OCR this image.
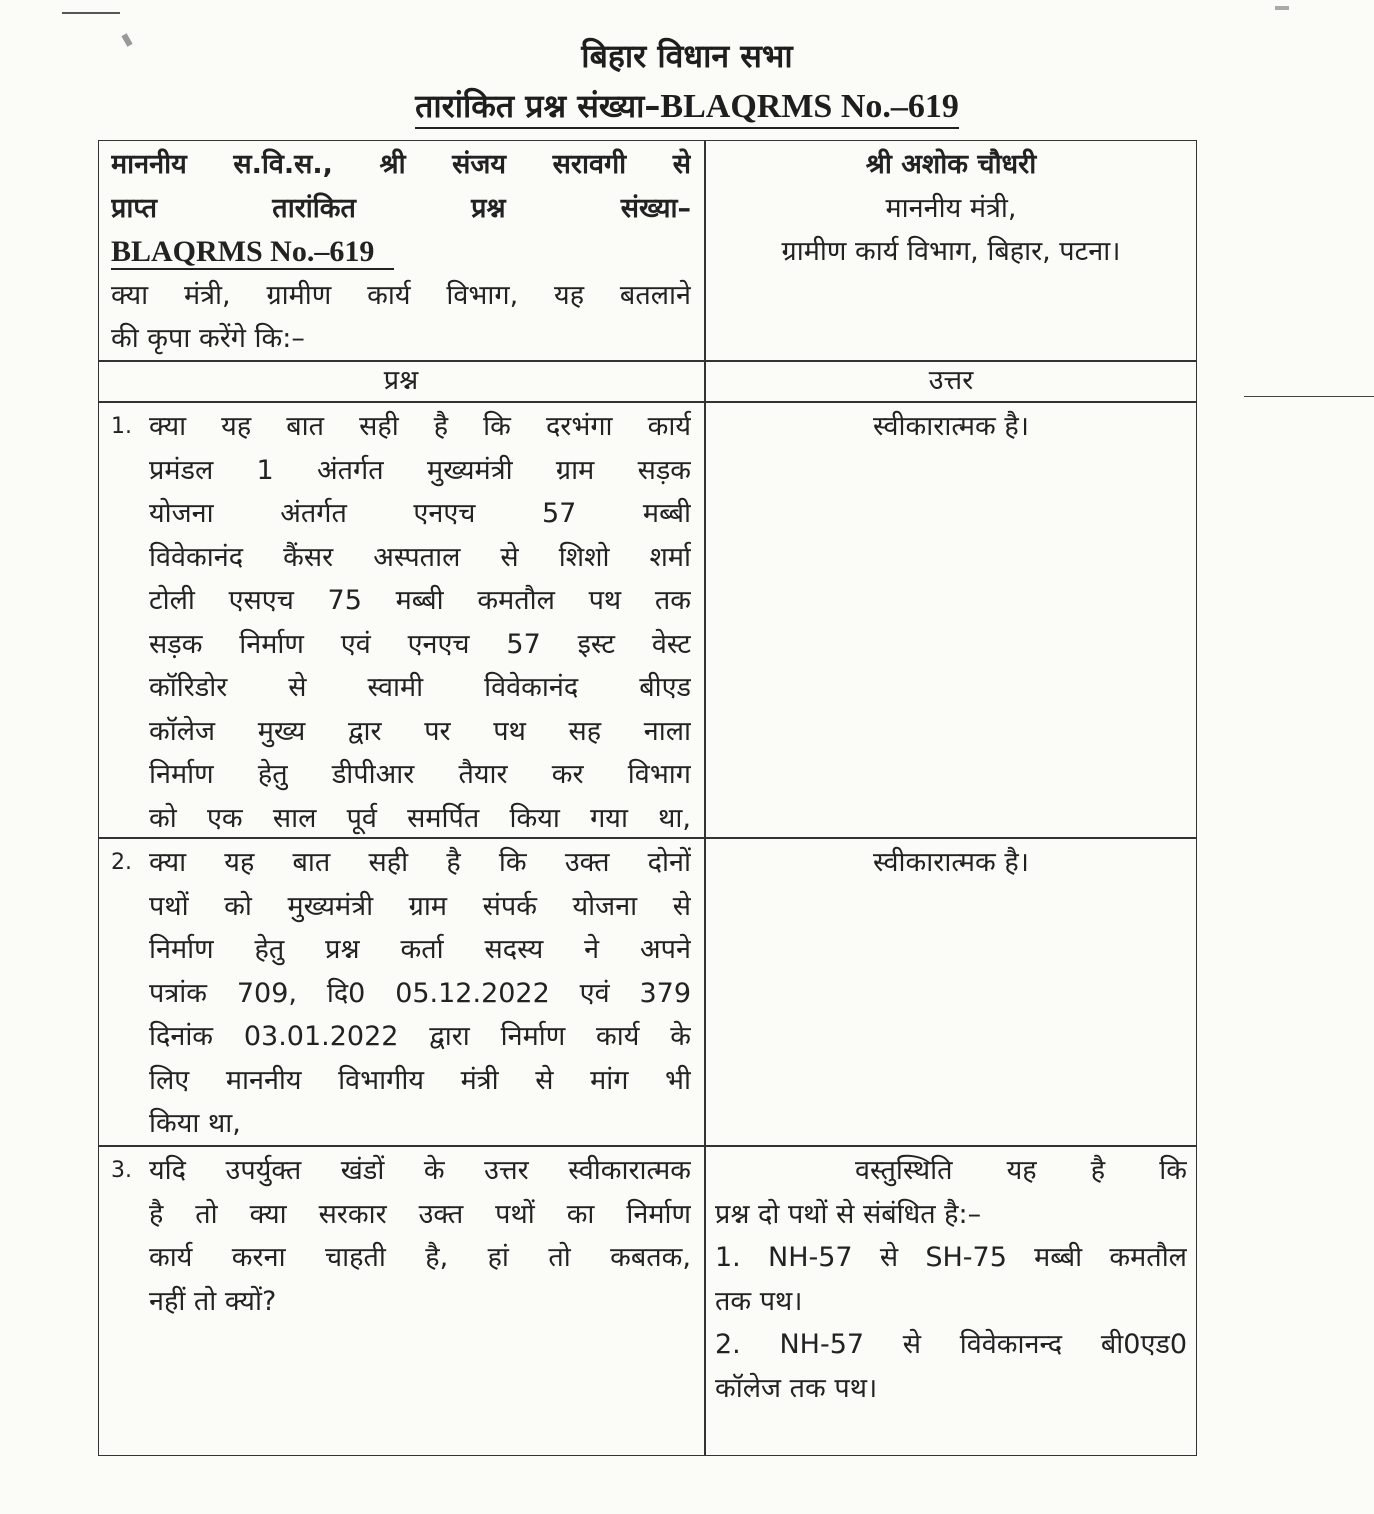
बिहार विधान सभा
तारांकित प्रश्न संख्या–BLAQRMS No.–619
माननीय स.वि.स., श्री संजय सरावगी से
प्राप्त तारांकित प्रश्न संख्या–
BLAQRMS No.–619
क्या मंत्री, ग्रामीण कार्य विभाग, यह बतलाने
की कृपा करेंगे कि:–
श्री अशोक चौधरी
माननीय मंत्री,
ग्रामीण कार्य विभाग, बिहार, पटना।
प्रश्न	उत्तर
1. क्या यह बात सही है कि दरभंगा कार्य
प्रमंडल 1 अंतर्गत मुख्यमंत्री ग्राम सड़क
योजना अंतर्गत एनएच 57 मब्बी
विवेकानंद कैंसर अस्पताल से शिशो शर्मा
टोली एसएच 75 मब्बी कमतौल पथ तक
सड़क निर्माण एवं एनएच 57 इस्ट वेस्ट
कॉरिडोर से स्वामी विवेकानंद बीएड
कॉलेज मुख्य द्वार पर पथ सह नाला
निर्माण हेतु डीपीआर तैयार कर विभाग
को एक साल पूर्व समर्पित किया गया था,
स्वीकारात्मक है।
2. क्या यह बात सही है कि उक्त दोनों
पथों को मुख्यमंत्री ग्राम संपर्क योजना से
निर्माण हेतु प्रश्न कर्ता सदस्य ने अपने
पत्रांक 709, दि0 05.12.2022 एवं 379
दिनांक 03.01.2022 द्वारा निर्माण कार्य के
लिए माननीय विभागीय मंत्री से मांग भी
किया था,
स्वीकारात्मक है।
3. यदि उपर्युक्त खंडों के उत्तर स्वीकारात्मक
है तो क्या सरकार उक्त पथों का निर्माण
कार्य करना चाहती है, हां तो कबतक,
नहीं तो क्यों?
वस्तुस्थिति यह है कि
प्रश्न दो पथों से संबंधित है:–
1. NH-57 से SH-75 मब्बी कमतौल
तक पथ।
2. NH-57 से विवेकानन्द बी0एड0
कॉलेज तक पथ।
